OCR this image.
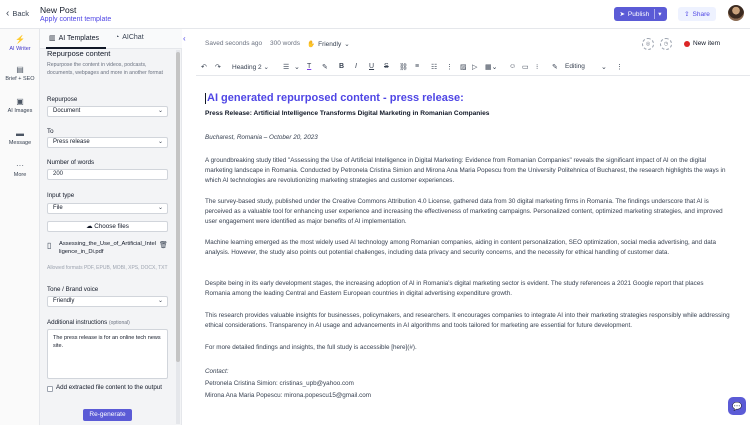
‹ Back New Post
Apply content template
➤ Publish ▾	⇪ Share
⚡
AI Writer
▤
Brief + SEO
▣
AI Images
▬
Message
···
More
▥ AI Templates ◔ AIChat
Repurpose content
Repurpose the content in videos, podcasts, documents, webpages and more in another format
Repurpose
Document	⌄
To
Press release	⌄
Number of words
200
Input type
File	⌄
☁ Choose files
▯ Assessing_the_Use_of_Artificial_Intelligence_in_Di.pdf
🗑
Allowed formats PDF, EPUB, MOBI, XPS, DOCX, TXT
Tone / Brand voice
Friendly	⌄
Additional instructions (optional)
The press release is for an online tech news site.
Add extracted file content to the output
Re-generate
‹
Saved seconds ago 300 words ✋ Friendly ⌄	◎	◷	New item
↶ ↷ Heading 2 ⌄ ☰ ⌄ T ✎ B I U S ⛓ ≡ ☷ ⋮ ▨ ▷ ▦⌄ ☺ ▭ ⁝ ✎ Editing ⌄ ⋮
AI generated repurposed content - press release:
Press Release: Artificial Intelligence Transforms Digital Marketing in Romanian Companies
Bucharest, Romania – October 20, 2023
A groundbreaking study titled "Assessing the Use of Artificial Intelligence in Digital Marketing: Evidence from Romanian Companies" reveals the significant impact of AI on the digital marketing landscape in Romania. Conducted by Petronela Cristina Simion and Mirona Ana Maria Popescu from the University Politehnica of Bucharest, the research highlights the ways in which AI technologies are revolutionizing marketing strategies and customer experiences.
The survey-based study, published under the Creative Commons Attribution 4.0 License, gathered data from 30 digital marketing firms in Romania. The findings underscore that AI is perceived as a valuable tool for enhancing user experience and increasing the effectiveness of marketing campaigns. Personalized content, optimized marketing strategies, and improved user engagement were identified as major benefits of AI implementation.
Machine learning emerged as the most widely used AI technology among Romanian companies, aiding in content personalization, SEO optimization, social media advertising, and data analysis. However, the study also points out potential challenges, including data privacy and security concerns, and the necessity for ethical handling of customer data.
Despite being in its early development stages, the increasing adoption of AI in Romania's digital marketing sector is evident. The study references a 2021 Google report that places Romania among the leading Central and Eastern European countries in digital advertising expenditure growth.
This research provides valuable insights for businesses, policymakers, and researchers. It encourages companies to integrate AI into their marketing strategies responsibly while addressing ethical considerations. Transparency in AI usage and advancements in AI algorithms and tools tailored for marketing are essential for future development.
For more detailed findings and insights, the full study is accessible [here](#).
Contact:
Petronela Cristina Simion: cristinas_upb@yahoo.com
Mirona Ana Maria Popescu: mirona.popescu15@gmail.com
💬
